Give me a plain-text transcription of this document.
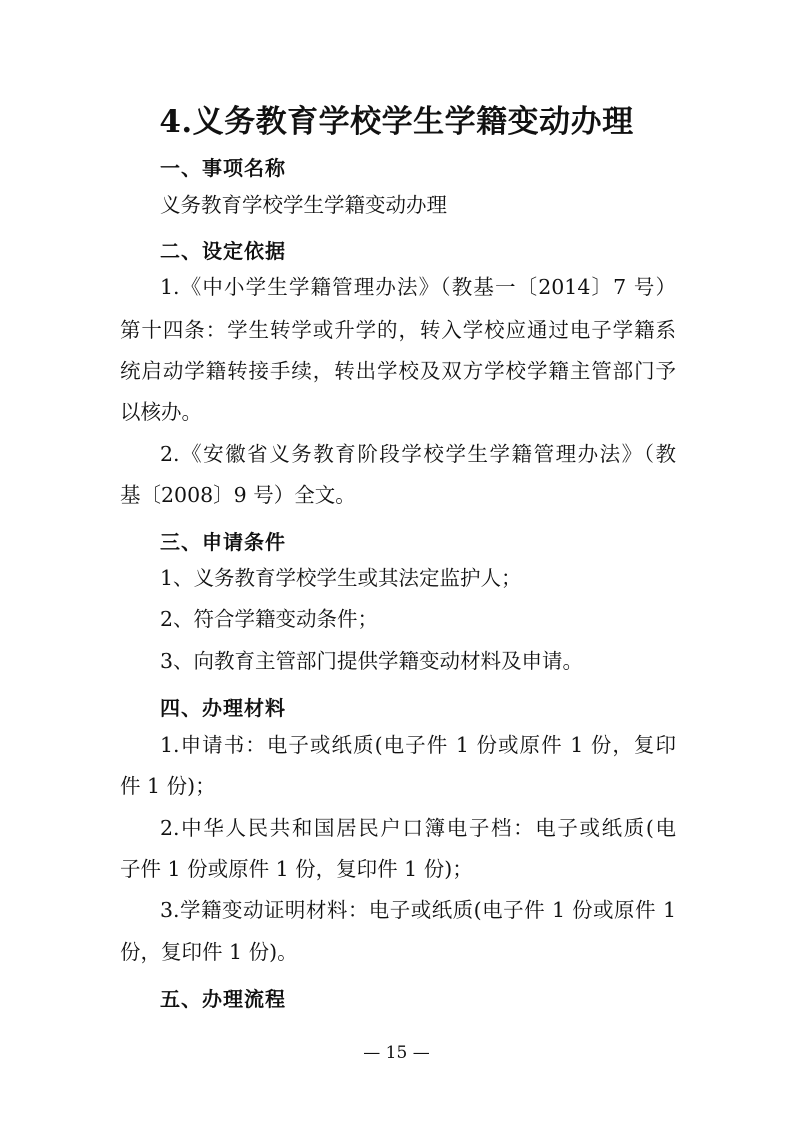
4.义务教育学校学生学籍变动办理
一、事项名称

义务教育学校学生学籍变动办理

二、设定依据

1.《中小学生学籍管理办法》（教基一〔2014〕7 号）

第十四条：学生转学或升学的，转入学校应通过电子学籍系

统启动学籍转接手续，转出学校及双方学校学籍主管部门予

以核办。

2.《安徽省义务教育阶段学校学生学籍管理办法》（教

基〔2008〕9 号）全文。

三、申请条件

1、义务教育学校学生或其法定监护人；

2、符合学籍变动条件；

3、向教育主管部门提供学籍变动材料及申请。

四、办理材料

1.申请书：电子或纸质(电子件 1 份或原件 1 份，复印

件 1 份)；

2.中华人民共和国居民户口簿电子档：电子或纸质(电

子件 1 份或原件 1 份，复印件 1 份)；

3.学籍变动证明材料：电子或纸质(电子件 1 份或原件 1

份，复印件 1 份)。

五、办理流程

— 15 —
